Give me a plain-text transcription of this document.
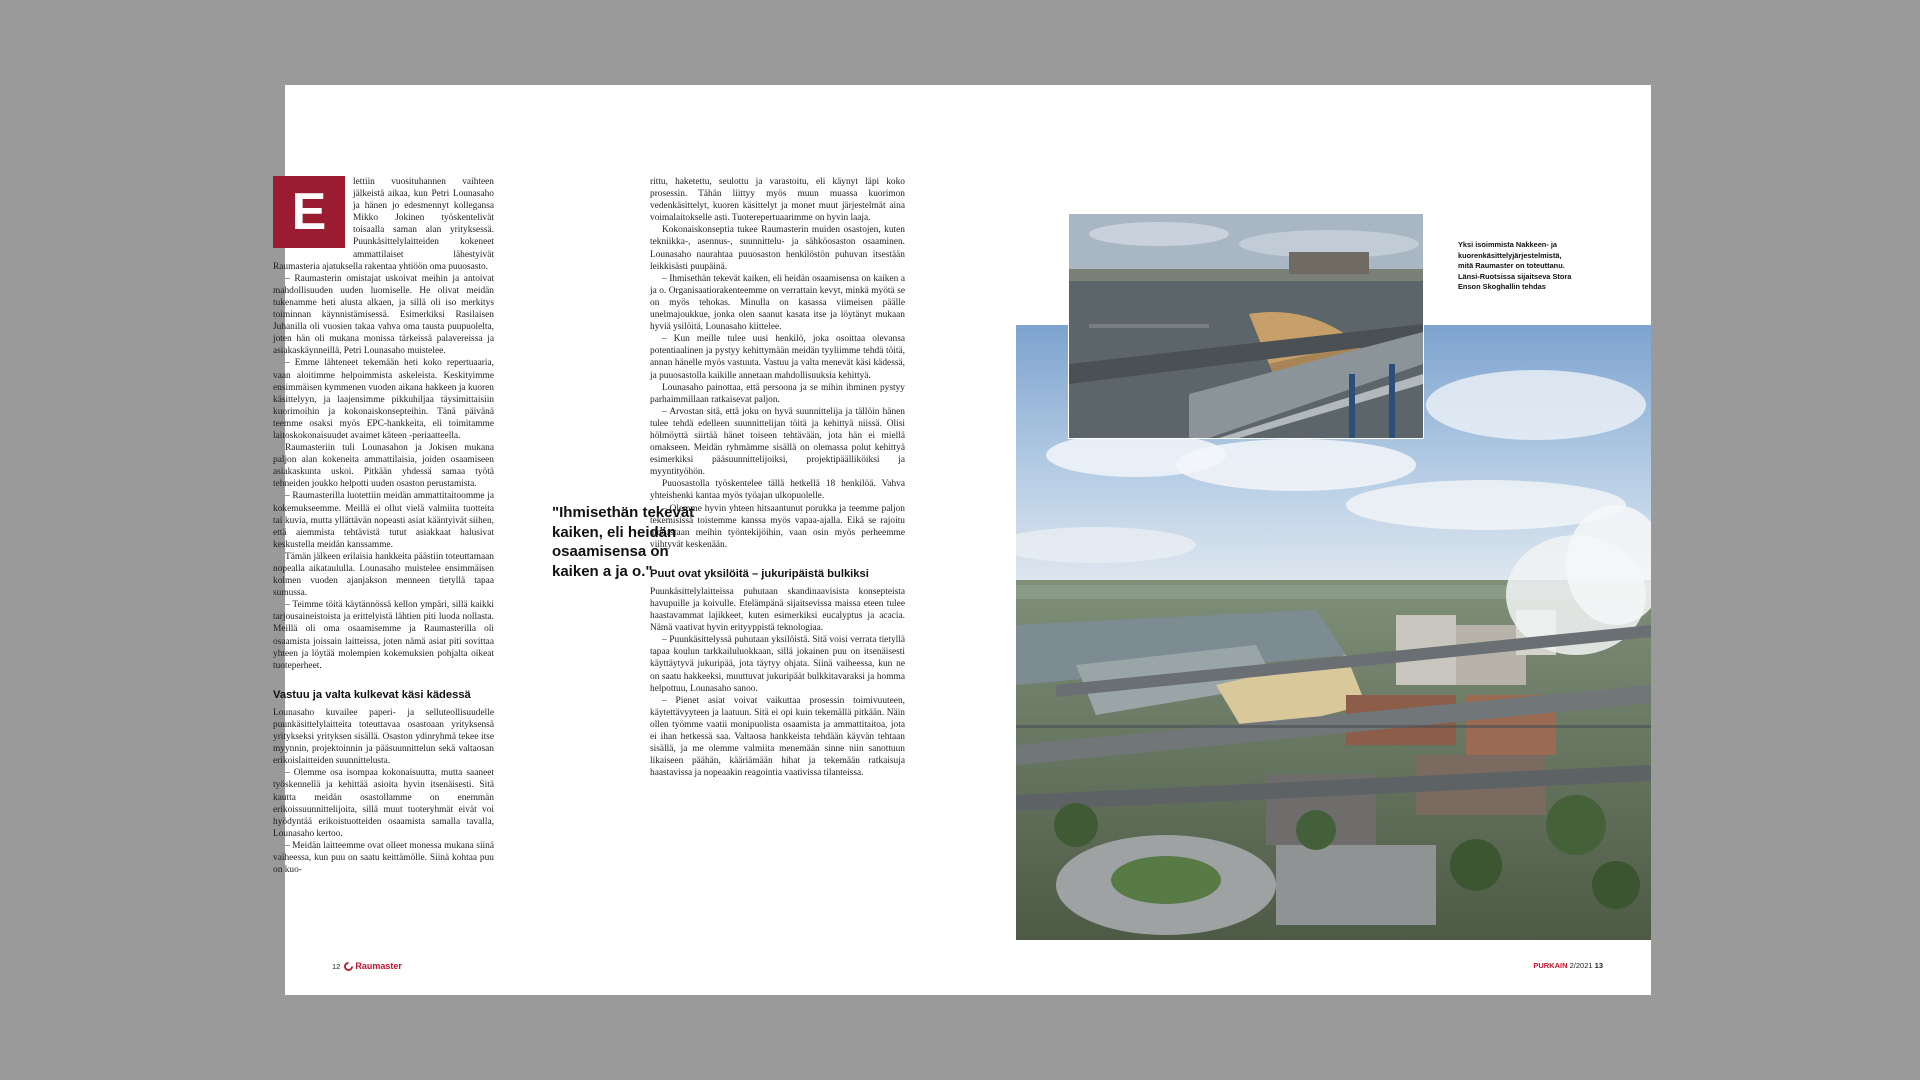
E

lettiin vuosituhannen vaihteen jälkeistä aikaa, kun Petri Lounasaho ja hänen jo edesmennyt kollegansa Mikko Jokinen työskentelivät toisaalla saman alan yrityksessä. Puunkäsittelylaitteiden kokeneet ammattilaiset lähestyivät Raumasteria ajatuksella rakentaa yhtiöön oma puuosasto.

– Raumasterin omistajat uskoivat meihin ja antoivat mahdollisuuden uuden luomiselle. He olivat meidän tukenamme heti alusta alkaen, ja sillä oli iso merkitys toiminnan käynnistämisessä. Esimerkiksi Rasilaisen Juhanilla oli vuosien takaa vahva oma tausta puupuolelta, joten hän oli mukana monissa tärkeissä palavereissa ja asiakaskäynneillä, Petri Lounasaho muistelee.

– Emme lähteneet tekemään heti koko repertuaaria, vaan aloitimme helpoimmista askeleista. Keskityimme ensimmäisen kymmenen vuoden aikana hakkeen ja kuoren käsittelyyn, ja laajensimme pikkuhiljaa täysimittaisiin kuorimoihin ja kokonaiskonsepteihin. Tänä päivänä teemme osaksi myös EPC-hankkeita, eli toimitamme laitoskokonaisuudet avaimet käteen -periaatteella.

Raumasteriin tuli Lounasahon ja Jokisen mukana paljon alan kokeneita ammattilaisia, joiden osaamiseen asiakaskunta uskoi. Pitkään yhdessä samaa työtä tehneiden joukko helpotti uuden osaston perustamista.

– Raumasterilla luotettiin meidän ammattitaitoomme ja kokemukseemme. Meillä ei ollut vielä valmiita tuotteita tai kuvia, mutta yllättävän nopeasti asiat kääntyivät siihen, että aiemmista tehtävistä tutut asiakkaat halusivat keskustella meidän kanssamme.

Tämän jälkeen erilaisia hankkeita päästiin toteuttamaan nopealla aikataululla. Lounasaho muistelee ensimmäisen kolmen vuoden ajanjakson menneen tietyllä tapaa sumussa.

– Teimme töitä käytännössä kellon ympäri, sillä kaikki tarjousaineistoista ja erittelyistä lähtien piti luoda nollasta. Meillä oli oma osaamisemme ja Raumasterilla oli osaamista joissain laitteissa, joten nämä asiat piti sovittaa yhteen ja löytää molempien kokemuksien pohjalta oikeat tuoteperheet.

Vastuu ja valta kulkevat käsi kädessä

Lounasaho kuvailee paperi- ja selluteollisuudelle puunkäsittelylaitteita toteuttavaa osastoaan yrityksensä yritykseksi yrityksen sisällä. Osaston ydinryhmä tekee itse myynnin, projektoinnin ja pääsuunnittelun sekä valtaosan erikoislaitteiden suunnittelusta.

– Olemme osa isompaa kokonaisuutta, mutta saaneet työskennellä ja kehittää asioita hyvin itsenäisesti. Sitä kautta meidän osastollamme on enemmän erikoissuunnittelijoita, sillä muut tuoteryhmät eivät voi hyödyntää erikoistuotteiden osaamista samalla tavalla, Lounasaho kertoo.

– Meidän laitteemme ovat olleet monessa mukana siinä vaiheessa, kun puu on saatu keittämölle. Siinä kohtaa puu on kuo-

"Ihmisethän tekevät kaiken, eli heidän osaamisensa on kaiken a ja o."

rittu, haketettu, seulottu ja varastoitu, eli käynyt läpi koko prosessin. Tähän liittyy myös muun muassa kuorimon vedenkäsittelyt, kuoren käsittelyt ja monet muut järjestelmät aina voimalaitokselle asti. Tuoterepertuaarimme on hyvin laaja.

Kokonaiskonseptia tukee Raumasterin muiden osastojen, kuten tekniikka-, asennus-, suunnittelu- ja sähköosaston osaaminen. Lounasaho naurahtaa puuosaston henkilöstön puhuvan itsestään leikkisästi puupäinä.

– Ihmisethän tekevät kaiken, eli heidän osaamisensa on kaiken a ja o. Organisaatiorakenteemme on verrattain kevyt, minkä myötä se on myös tehokas. Minulla on kasassa viimeisen päälle unelmajoukkue, jonka olen saanut kasata itse ja löytänyt mukaan hyviä ysilöitä, Lounasaho kiittelee.

– Kun meille tulee uusi henkilö, joka osoittaa olevansa potentiaalinen ja pystyy kehittymään meidän tyyliimme tehdä töitä, annan hänelle myös vastuuta. Vastuu ja valta menevät käsi kädessä, ja puuosastolla kaikille annetaan mahdollisuuksia kehittyä.

Lounasaho painottaa, että persoona ja se mihin ihminen pystyy parhaimmillaan ratkaisevat paljon.

– Arvostan sitä, että joku on hyvä suunnittelija ja tällöin hänen tulee tehdä edelleen suunnittelijan töitä ja kehittyä niissä. Olisi hölmöyttä siirtää hänet toiseen tehtävään, jota hän ei miellä omakseen. Meidän ryhmämme sisällä on olemassa polut kehittyä esimerkiksi pääsuunnittelijoiksi, projektipäälliköiksi ja myyntityöhön.

Puuosastolla työskentelee tällä hetkellä 18 henkilöä. Vahva yhteishenki kantaa myös työajan ulkopuolelle.

– Olemme hyvin yhteen hitsaantunut porukka ja teemme paljon tekemisissä toistemme kanssa myös vapaa-ajalla. Eikä se rajoitu ainoastaan meihin työntekijöihin, vaan osin myös perheemme viihtyvät keskenään.

Puut ovat yksilöitä – jukuripäistä bulkiksi

Puunkäsittelylaitteissa puhutaan skandinaavisista konsepteista havupuille ja koivulle. Etelämpänä sijaitsevissa maissa eteen tulee haastavammat lajikkeet, kuten esimerkiksi eucalyptus ja acacia. Nämä vaativat hyvin erityyppistä teknologiaa.

– Puunkäsittelyssä puhutaan yksilöistä. Sitä voisi verrata tietyllä tapaa koulun tarkkailuluokkaan, sillä jokainen puu on itsenäisesti käyttäytyvä jukuripää, jota täytyy ohjata. Siinä vaiheessa, kun ne on saatu hakkeeksi, muuttuvat jukuripäät bulkkitavaraksi ja homma helpottuu, Lounasaho sanoo.

– Pienet asiat voivat vaikuttaa prosessin toimivuuteen, käytettävyyteen ja laatuun. Sitä ei opi kuin tekemällä pitkään. Näin ollen työmme vaatii monipuolista osaamista ja ammattitaitoa, jota ei ihan hetkessä saa. Valtaosa hankkeista tehdään käyvän tehtaan sisällä, ja me olemme valmiita menemään sinne niin sanottuun likaiseen päähän, kääriämään hihat ja tekemään ratkaisuja haastavissa ja nopeaakin reagointia vaativissa tilanteissa.

Yksi isoimmista Nakkeen- ja kuorenkäsittelyjärjestelmistä, mitä Raumaster on toteuttanu. Länsi-Ruotsissa sijaitseva Stora Enson Skoghallin tehdas
12 Raumaster	PURKAIN 2/2021 13
